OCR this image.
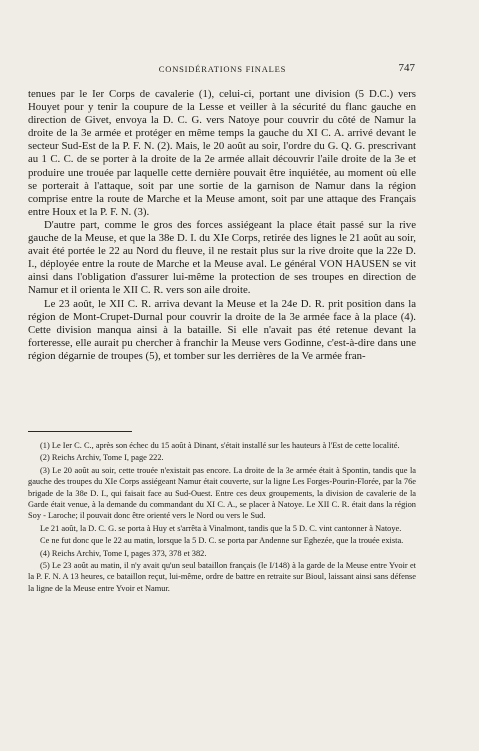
CONSIDÉRATIONS FINALES	747

tenues par le Ier Corps de cavalerie (1), celui-ci, portant une division (5 D.C.) vers Houyet pour y tenir la coupure de la Lesse et veiller à la sécurité du flanc gauche en direction de Givet, envoya la D. C. G. vers Natoye pour couvrir du côté de Namur la droite de la 3e armée et protéger en même temps la gauche du XI C. A. arrivé devant le secteur Sud-Est de la P. F. N. (2). Mais, le 20 août au soir, l'ordre du G. Q. G. prescrivant au 1 C. C. de se porter à la droite de la 2e armée allait découvrir l'aile droite de la 3e et produire une trouée par laquelle cette dernière pouvait être inquiétée, au moment où elle se porterait à l'attaque, soit par une sortie de la garnison de Namur dans la région comprise entre la route de Marche et la Meuse amont, soit par une attaque des Français entre Houx et la P. F. N. (3).

D'autre part, comme le gros des forces assiégeant la place était passé sur la rive gauche de la Meuse, et que la 38e D. I. du XIe Corps, retirée des lignes le 21 août au soir, avait été portée le 22 au Nord du fleuve, il ne restait plus sur la rive droite que la 22e D. I., déployée entre la route de Marche et la Meuse aval. Le général VON HAUSEN se vit ainsi dans l'obligation d'assurer lui-même la protection de ses troupes en direction de Namur et il orienta le XII C. R. vers son aile droite.

Le 23 août, le XII C. R. arriva devant la Meuse et la 24e D. R. prit position dans la région de Mont-Crupet-Durnal pour couvrir la droite de la 3e armée face à la place (4). Cette division manqua ainsi à la bataille. Si elle n'avait pas été retenue devant la forteresse, elle aurait pu chercher à franchir la Meuse vers Godinne, c'est-à-dire dans une région dégarnie de troupes (5), et tomber sur les derrières de la Ve armée fran-

(1) Le Ier C. C., après son échec du 15 août à Dinant, s'était installé sur les hauteurs à l'Est de cette localité.

(2) Reichs Archiv, Tome I, page 222.

(3) Le 20 août au soir, cette trouée n'existait pas encore. La droite de la 3e armée était à Spontin, tandis que la gauche des troupes du XIe Corps assiégeant Namur était couverte, sur la ligne Les Forges-Pourin-Florée, par la 76e brigade de la 38e D. I., qui faisait face au Sud-Ouest. Entre ces deux groupements, la division de cavalerie de la Garde était venue, à la demande du commandant du XI C. A., se placer à Natoye. Le XII C. R. était dans la région Soy - Laroche; il pouvait donc être orienté vers le Nord ou vers le Sud.

Le 21 août, la D. C. G. se porta à Huy et s'arrêta à Vinalmont, tandis que la 5 D. C. vint cantonner à Natoye.

Ce ne fut donc que le 22 au matin, lorsque la 5 D. C. se porta par Andenne sur Eghezée, que la trouée exista.

(4) Reichs Archiv, Tome I, pages 373, 378 et 382.

(5) Le 23 août au matin, il n'y avait qu'un seul bataillon français (le I/148) à la garde de la Meuse entre Yvoir et la P. F. N. A 13 heures, ce bataillon reçut, lui-même, ordre de battre en retraite sur Bioul, laissant ainsi sans défense la ligne de la Meuse entre Yvoir et Namur.
